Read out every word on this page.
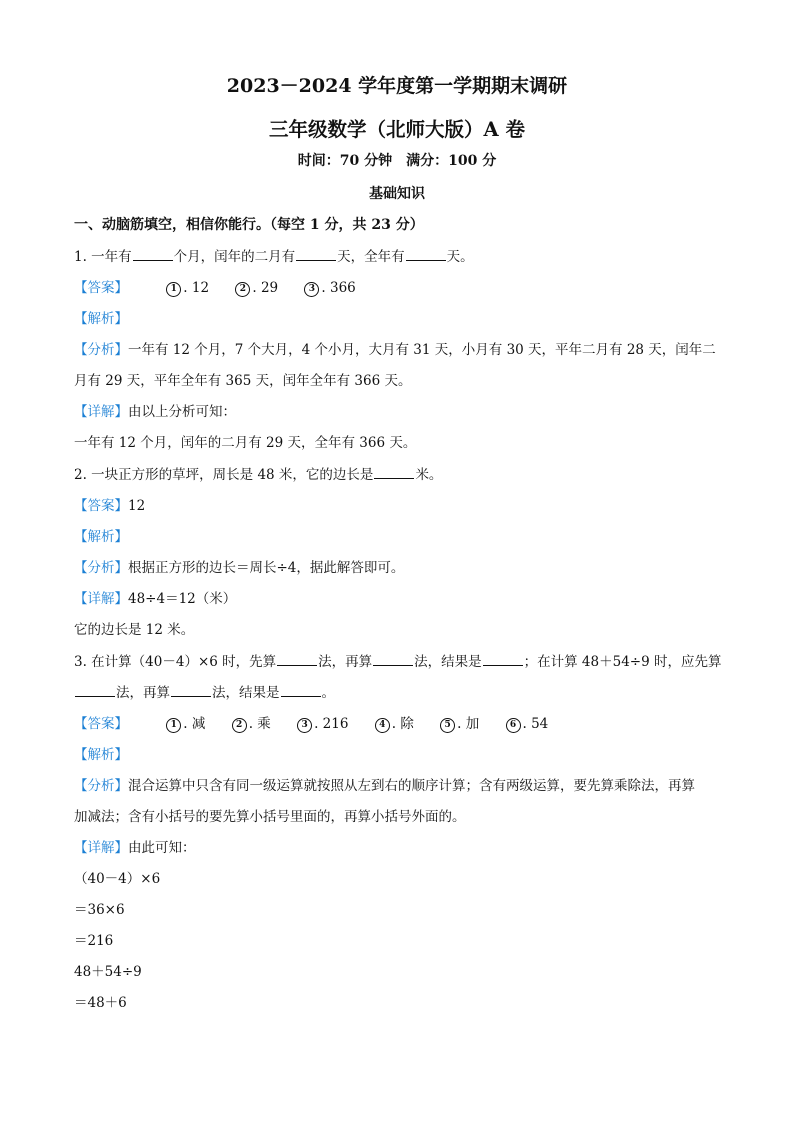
2023－2024 学年度第一学期期末调研
三年级数学（北师大版）A 卷
时间：70 分钟　满分：100 分
基础知识
一、动脑筋填空，相信你能行。（每空 1 分，共 23 分）
1. 一年有	个月，闰年的二月有	天，全年有	天。
【答案】	1 . 12	2 . 29	3 . 366
【解析】
【分析】一年有 12 个月，7 个大月，4 个小月，大月有 31 天，小月有 30 天，平年二月有 28 天，闰年二
月有 29 天，平年全年有 365 天，闰年全年有 366 天。
【详解】由以上分析可知：
一年有 12 个月，闰年的二月有 29 天，全年有 366 天。
2. 一块正方形的草坪，周长是 48 米，它的边长是	米。
【答案】12
【解析】
【分析】根据正方形的边长＝周长÷4，据此解答即可。
【详解】48÷4＝12（米）
它的边长是 12 米。
3. 在计算（40－4）×6 时，先算	法，再算	法，结果是	；在计算 48＋54÷9 时，应先算
法，再算	法，结果是	。
【答案】	1 . 减	2 . 乘	3 . 216	4 . 除	5 . 加	6 . 54
【解析】
【分析】混合运算中只含有同一级运算就按照从左到右的顺序计算；含有两级运算，要先算乘除法，再算
加减法；含有小括号的要先算小括号里面的，再算小括号外面的。
【详解】由此可知：
（40－4）×6
＝36×6
＝216
48＋54÷9
＝48＋6
